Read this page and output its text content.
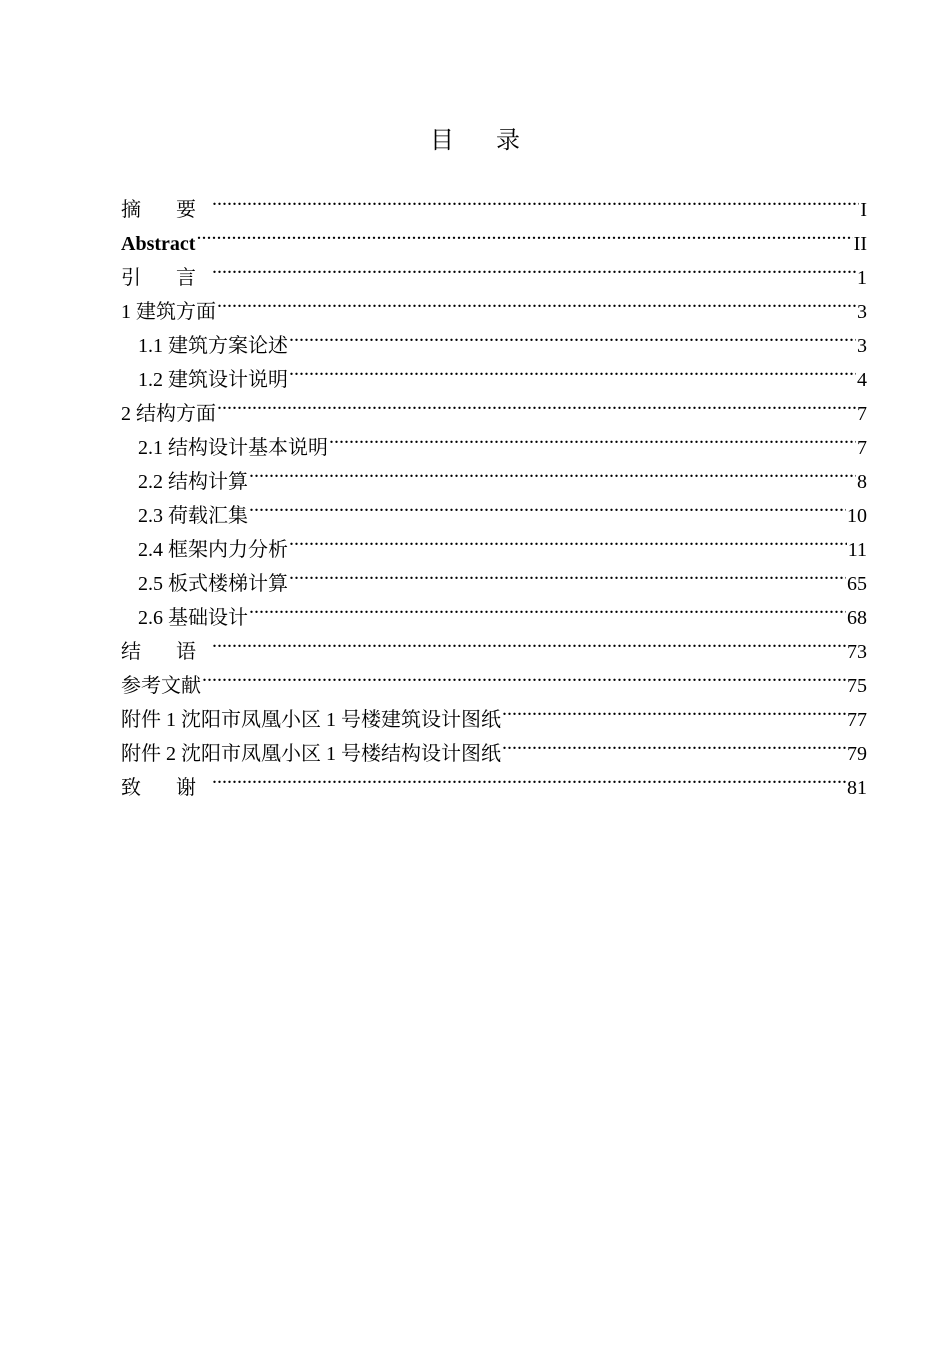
目 录
摘 要 .....	I
Abstract .....	II
引 言 .....	1
1 建筑方面 .....	3
1.1 建筑方案论述 .....	3
1.2 建筑设计说明 .....	4
2 结构方面 .....	7
2.1 结构设计基本说明 .....	7
2.2 结构计算 .....	8
2.3 荷载汇集 .....	10
2.4 框架内力分析 .....	11
2.5 板式楼梯计算 .....	65
2.6 基础设计 .....	68
结 语 .....	73
参考文献 .....	75
附件 1 沈阳市凤凰小区 1 号楼建筑设计图纸 .....	77
附件 2 沈阳市凤凰小区 1 号楼结构设计图纸 .....	79
致 谢 .....	81
